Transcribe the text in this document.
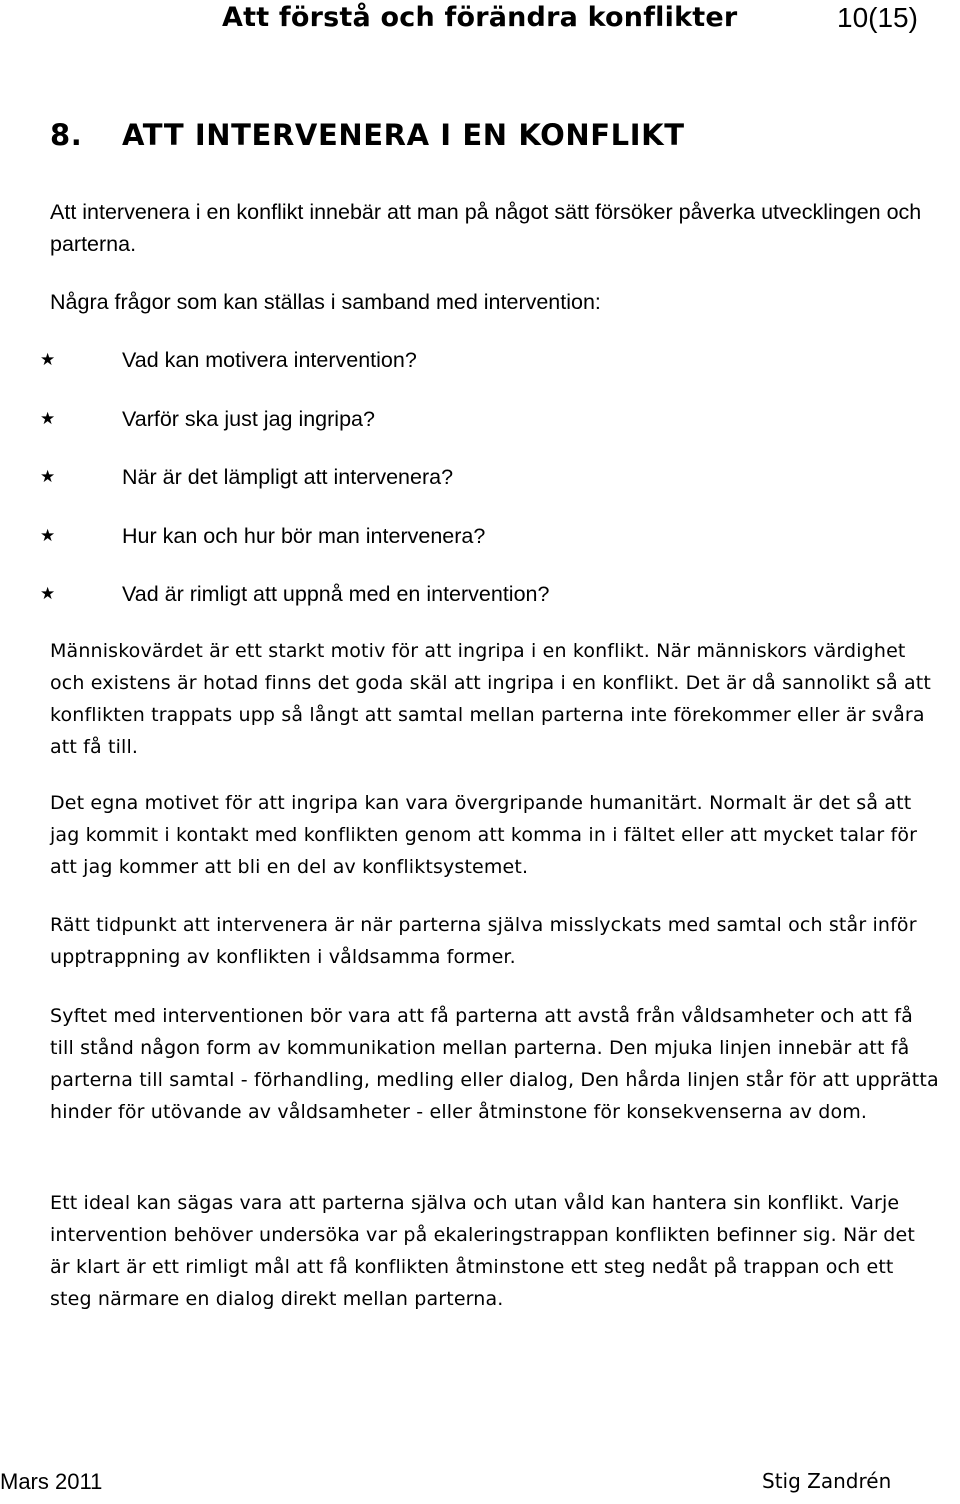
Att förstå och förändra konflikter	10(15)
8. ATT INTERVENERA I EN KONFLIKT

Att intervenera i en konflikt innebär att man på något sätt försöker påverka utvecklingen och parterna.

Några frågor som kan ställas i samband med intervention:

★	Vad kan motivera intervention?
★	Varför ska just jag ingripa?
★	När är det lämpligt att intervenera?
★	Hur kan och hur bör man intervenera?
★	Vad är rimligt att uppnå med en intervention?

Människovärdet är ett starkt motiv för att ingripa i en konflikt. När människors värdighet och existens är hotad finns det goda skäl att ingripa i en konflikt. Det är då sannolikt så att konflikten trappats upp så långt att samtal mellan parterna inte förekommer eller är svåra att få till.

Det egna motivet för att ingripa kan vara övergripande humanitärt. Normalt är det så att jag kommit i kontakt med konflikten genom att komma in i fältet eller att mycket talar för att jag kommer att bli en del av konfliktsystemet.

Rätt tidpunkt att intervenera är när parterna själva misslyckats med samtal och står inför upptrappning av konflikten i våldsamma former.

Syftet med interventionen bör vara att få parterna att avstå från våldsamheter och att få till stånd någon form av kommunikation mellan parterna. Den mjuka linjen innebär att få parterna till samtal - förhandling, medling eller dialog, Den hårda linjen står för att upprätta hinder för utövande av våldsamheter - eller åtminstone för konsekvenserna av dom.

Ett ideal kan sägas vara att parterna själva och utan våld kan hantera sin konflikt. Varje intervention behöver undersöka var på ekaleringstrappan konflikten befinner sig. När det är klart är ett rimligt mål att få konflikten åtminstone ett steg nedåt på trappan och ett steg närmare en dialog direkt mellan parterna.

Mars 2011	Stig Zandrén
